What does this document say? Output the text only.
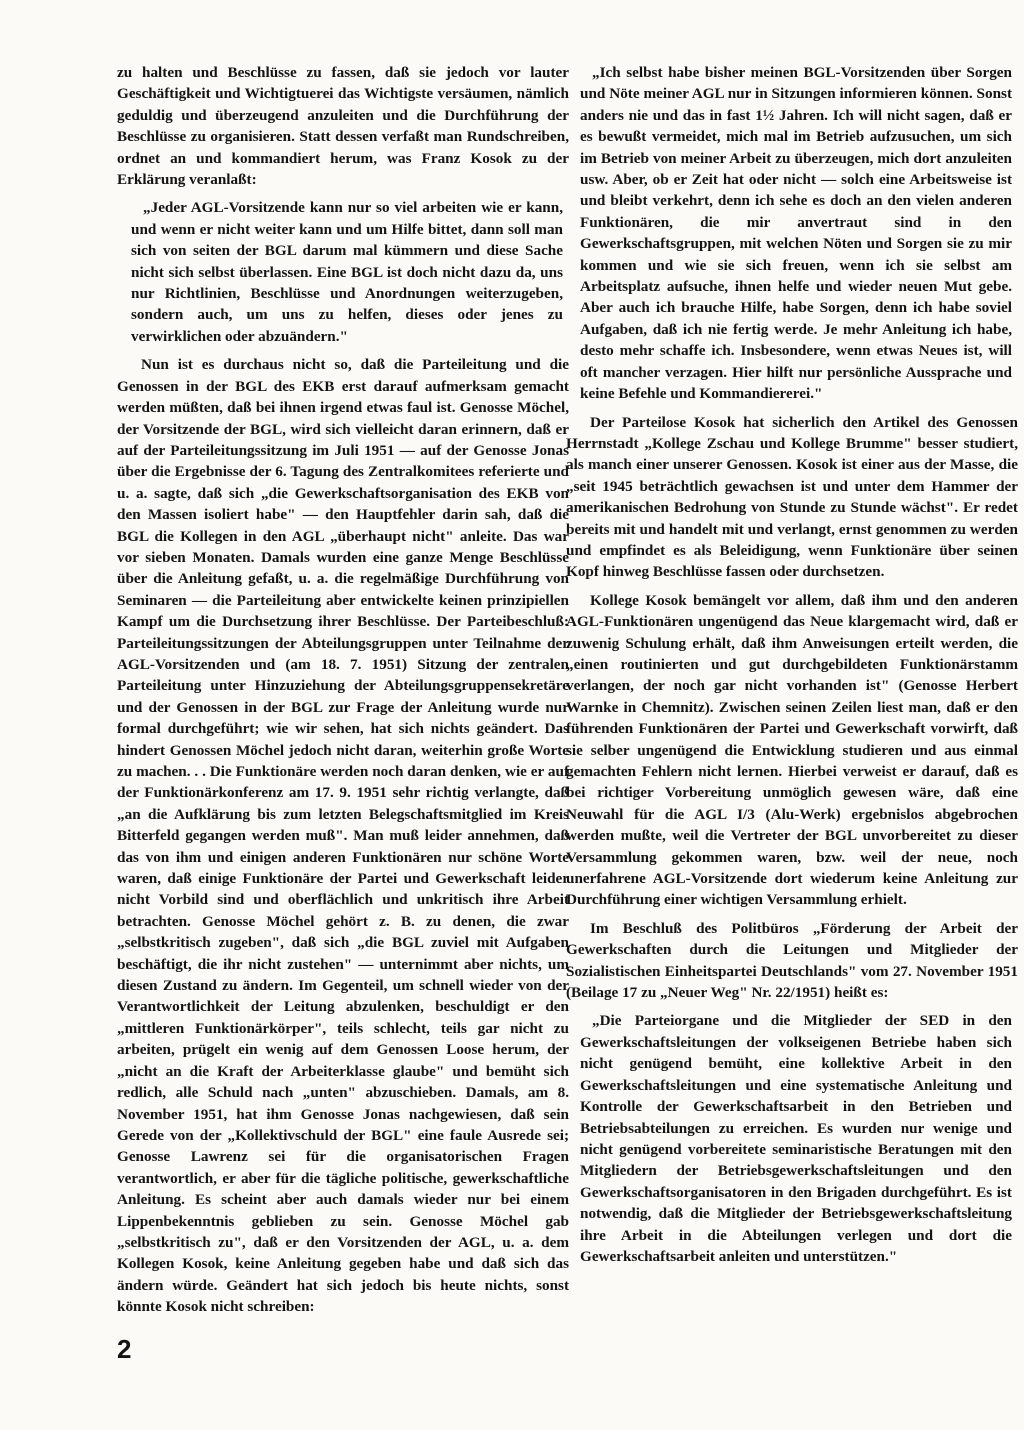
zu halten und Beschlüsse zu fassen, daß sie jedoch vor lauter Geschäftigkeit und Wichtigtuerei das Wichtigste versäumen, nämlich geduldig und überzeugend anzuleiten und die Durchführung der Beschlüsse zu organisieren. Statt dessen verfaßt man Rundschreiben, ordnet an und kommandiert herum, was Franz Kosok zu der Erklärung veranlaßt:

„Jeder AGL-Vorsitzende kann nur so viel arbeiten wie er kann, und wenn er nicht weiter kann und um Hilfe bittet, dann soll man sich von seiten der BGL darum mal kümmern und diese Sache nicht sich selbst überlassen. Eine BGL ist doch nicht dazu da, uns nur Richtlinien, Beschlüsse und Anordnungen weiterzugeben, sondern auch, um uns zu helfen, dieses oder jenes zu verwirklichen oder abzuändern."

Nun ist es durchaus nicht so, daß die Parteileitung und die Genossen in der BGL des EKB erst darauf aufmerksam gemacht werden müßten, daß bei ihnen irgend etwas faul ist. Genosse Möchel, der Vorsitzende der BGL, wird sich vielleicht daran erinnern, daß er auf der Parteileitungssitzung im Juli 1951 — auf der Genosse Jonas über die Ergebnisse der 6. Tagung des Zentralkomitees referierte und u. a. sagte, daß sich „die Gewerkschaftsorganisation des EKB von den Massen isoliert habe" — den Hauptfehler darin sah, daß die BGL die Kollegen in den AGL „überhaupt nicht" anleite. Das war vor sieben Monaten. Damals wurden eine ganze Menge Beschlüsse über die Anleitung gefaßt, u. a. die regelmäßige Durchführung von Seminaren — die Parteileitung aber entwickelte keinen prinzipiellen Kampf um die Durchsetzung ihrer Beschlüsse. Der Parteibeschluß: Parteileitungssitzungen der Abteilungsgruppen unter Teilnahme der AGL-Vorsitzenden und (am 18. 7. 1951) Sitzung der zentralen Parteileitung unter Hinzuziehung der Abteilungsgruppensekretäre und der Genossen in der BGL zur Frage der Anleitung wurde nur formal durchgeführt; wie wir sehen, hat sich nichts geändert. Das hindert Genossen Möchel jedoch nicht daran, weiterhin große Worte zu machen. . . Die Funktionäre werden noch daran denken, wie er auf der Funktionärkonferenz am 17. 9. 1951 sehr richtig verlangte, daß „an die Aufklärung bis zum letzten Belegschaftsmitglied im Kreis Bitterfeld gegangen werden muß". Man muß leider annehmen, daß das von ihm und einigen anderen Funktionären nur schöne Worte waren, daß einige Funktionäre der Partei und Gewerkschaft leider nicht Vorbild sind und oberflächlich und unkritisch ihre Arbeit betrachten. Genosse Möchel gehört z. B. zu denen, die zwar „selbstkritisch zugeben", daß sich „die BGL zuviel mit Aufgaben beschäftigt, die ihr nicht zustehen" — unternimmt aber nichts, um diesen Zustand zu ändern. Im Gegenteil, um schnell wieder von der Verantwortlichkeit der Leitung abzulenken, beschuldigt er den „mittleren Funktionärkörper", teils schlecht, teils gar nicht zu arbeiten, prügelt ein wenig auf dem Genossen Loose herum, der „nicht an die Kraft der Arbeiterklasse glaube" und bemüht sich redlich, alle Schuld nach „unten" abzuschieben. Damals, am 8. November 1951, hat ihm Genosse Jonas nachgewiesen, daß sein Gerede von der „Kollektivschuld der BGL" eine faule Ausrede sei; Genosse Lawrenz sei für die organisatorischen Fragen verantwortlich, er aber für die tägliche politische, gewerkschaftliche Anleitung. Es scheint aber auch damals wieder nur bei einem Lippenbekenntnis geblieben zu sein. Genosse Möchel gab „selbstkritisch zu", daß er den Vorsitzenden der AGL, u. a. dem Kollegen Kosok, keine Anleitung gegeben habe und daß sich das ändern würde. Geändert hat sich jedoch bis heute nichts, sonst könnte Kosok nicht schreiben:

„Ich selbst habe bisher meinen BGL-Vorsitzenden über Sorgen und Nöte meiner AGL nur in Sitzungen informieren können. Sonst anders nie und das in fast 1½ Jahren. Ich will nicht sagen, daß er es bewußt vermeidet, mich mal im Betrieb aufzusuchen, um sich im Betrieb von meiner Arbeit zu überzeugen, mich dort anzuleiten usw. Aber, ob er Zeit hat oder nicht — solch eine Arbeitsweise ist und bleibt verkehrt, denn ich sehe es doch an den vielen anderen Funktionären, die mir anvertraut sind in den Gewerkschaftsgruppen, mit welchen Nöten und Sorgen sie zu mir kommen und wie sie sich freuen, wenn ich sie selbst am Arbeitsplatz aufsuche, ihnen helfe und wieder neuen Mut gebe. Aber auch ich brauche Hilfe, habe Sorgen, denn ich habe soviel Aufgaben, daß ich nie fertig werde. Je mehr Anleitung ich habe, desto mehr schaffe ich. Insbesondere, wenn etwas Neues ist, will oft mancher verzagen. Hier hilft nur persönliche Aussprache und keine Befehle und Kommandiererei."

Der Parteilose Kosok hat sicherlich den Artikel des Genossen Herrnstadt „Kollege Zschau und Kollege Brumme" besser studiert, als manch einer unserer Genossen. Kosok ist einer aus der Masse, die „seit 1945 beträchtlich gewachsen ist und unter dem Hammer der amerikanischen Bedrohung von Stunde zu Stunde wächst". Er redet bereits mit und handelt mit und verlangt, ernst genommen zu werden und empfindet es als Beleidigung, wenn Funktionäre über seinen Kopf hinweg Beschlüsse fassen oder durchsetzen.

Kollege Kosok bemängelt vor allem, daß ihm und den anderen AGL-Funktionären ungenügend das Neue klargemacht wird, daß er zuwenig Schulung erhält, daß ihm Anweisungen erteilt werden, die „einen routinierten und gut durchgebildeten Funktionärstamm verlangen, der noch gar nicht vorhanden ist" (Genosse Herbert Warnke in Chemnitz). Zwischen seinen Zeilen liest man, daß er den führenden Funktionären der Partei und Gewerkschaft vorwirft, daß sie selber ungenügend die Entwicklung studieren und aus einmal gemachten Fehlern nicht lernen. Hierbei verweist er darauf, daß es bei richtiger Vorbereitung unmöglich gewesen wäre, daß eine Neuwahl für die AGL I/3 (Alu-Werk) ergebnislos abgebrochen werden mußte, weil die Vertreter der BGL unvorbereitet zu dieser Versammlung gekommen waren, bzw. weil der neue, noch unerfahrene AGL-Vorsitzende dort wiederum keine Anleitung zur Durchführung einer wichtigen Versammlung erhielt.

Im Beschluß des Politbüros „Förderung der Arbeit der Gewerkschaften durch die Leitungen und Mitglieder der Sozialistischen Einheitspartei Deutschlands" vom 27. November 1951 (Beilage 17 zu „Neuer Weg" Nr. 22/1951) heißt es:

„Die Parteiorgane und die Mitglieder der SED in den Gewerkschaftsleitungen der volkseigenen Betriebe haben sich nicht genügend bemüht, eine kollektive Arbeit in den Gewerkschaftsleitungen und eine systematische Anleitung und Kontrolle der Gewerkschaftsarbeit in den Betrieben und Betriebsabteilungen zu erreichen. Es wurden nur wenige und nicht genügend vorbereitete seminaristische Beratungen mit den Mitgliedern der Betriebsgewerkschaftsleitungen und den Gewerkschaftsorganisatoren in den Brigaden durchgeführt. Es ist notwendig, daß die Mitglieder der Betriebsgewerkschaftsleitung ihre Arbeit in die Abteilungen verlegen und dort die Gewerkschaftsarbeit anleiten und unterstützen."

2
